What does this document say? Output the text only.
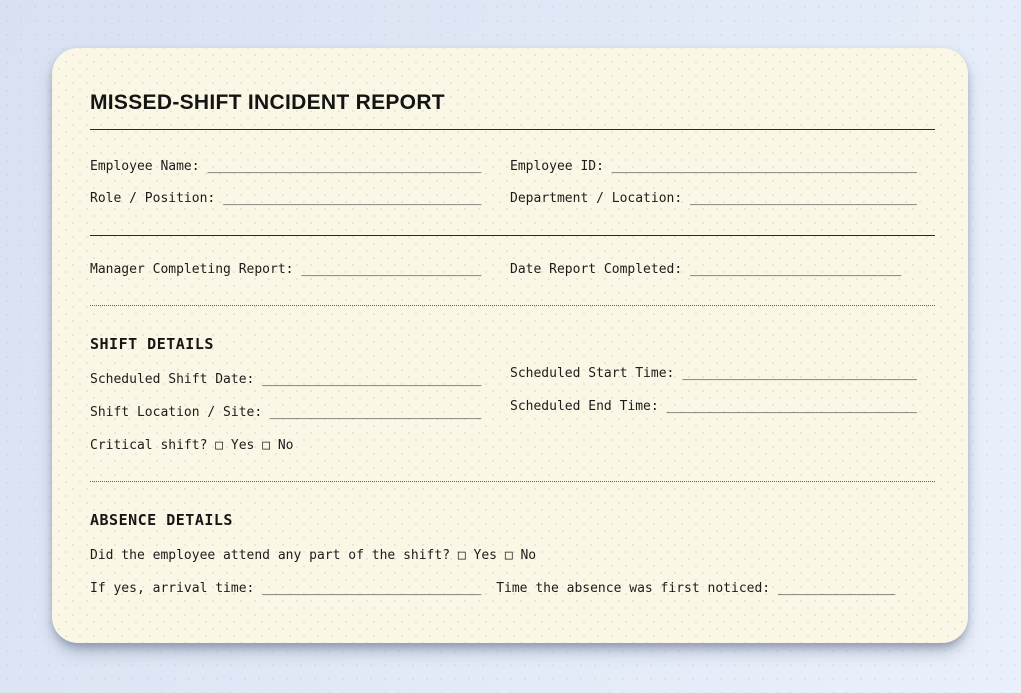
MISSED-SHIFT INCIDENT REPORT
Employee Name: ___________________________________	Employee ID: _______________________________________
Role / Position: _________________________________	Department / Location: _____________________________
Manager Completing Report: _______________________	Date Report Completed: ___________________________
SHIFT DETAILS
Scheduled Shift Date: ____________________________
Shift Location / Site: ___________________________
Critical shift? □ Yes □ No
Scheduled Start Time: ______________________________
Scheduled End Time: ________________________________
ABSENCE DETAILS
Did the employee attend any part of the shift? □ Yes □ No
If yes, arrival time: ____________________________ Time the absence was first noticed: _______________
